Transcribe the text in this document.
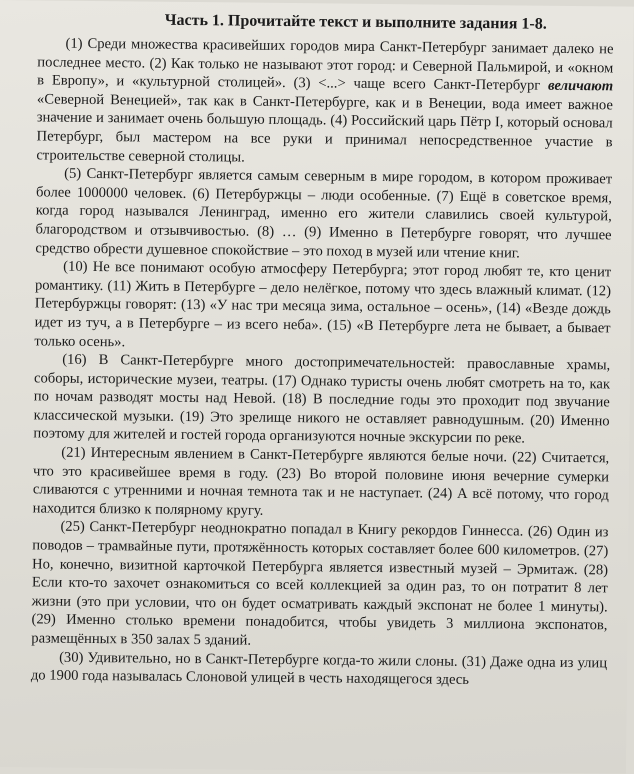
Часть 1. Прочитайте текст и выполните задания 1-8.

(1) Среди множества красивейших городов мира Санкт-Петербург занимает далеко не последнее место. (2) Как только не называют этот город: и Северной Пальмирой, и «окном в Европу», и «культурной столицей». (3) <...> чаще всего Санкт-Петербург величают «Северной Венецией», так как в Санкт-Петербурге, как и в Венеции, вода имеет важное значение и занимает очень большую площадь. (4) Российский царь Пётр I, который основал Петербург, был мастером на все руки и принимал непосредственное участие в строительстве северной столицы.

(5) Санкт-Петербург является самым северным в мире городом, в котором проживает более 1000000 человек. (6) Петербуржцы – люди особенные. (7) Ещё в советское время, когда город назывался Ленинград, именно его жители славились своей культурой, благородством и отзывчивостью. (8) … (9) Именно в Петербурге говорят, что лучшее средство обрести душевное спокойствие – это поход в музей или чтение книг.

(10) Не все понимают особую атмосферу Петербурга; этот город любят те, кто ценит романтику. (11) Жить в Петербурге – дело нелёгкое, потому что здесь влажный климат. (12) Петербуржцы говорят: (13) «У нас три месяца зима, остальное – осень», (14) «Везде дождь идет из туч, а в Петербурге – из всего неба». (15) «В Петербурге лета не бывает, а бывает только осень».

(16) В Санкт-Петербурге много достопримечательностей: православные храмы, соборы, исторические музеи, театры. (17) Однако туристы очень любят смотреть на то, как по ночам разводят мосты над Невой. (18) В последние годы это проходит под звучание классической музыки. (19) Это зрелище никого не оставляет равнодушным. (20) Именно поэтому для жителей и гостей города организуются ночные экскурсии по реке.

(21) Интересным явлением в Санкт-Петербурге являются белые ночи. (22) Считается, что это красивейшее время в году. (23) Во второй половине июня вечерние сумерки сливаются с утренними и ночная темнота так и не наступает. (24) А всё потому, что город находится близко к полярному кругу.

(25) Санкт-Петербург неоднократно попадал в Книгу рекордов Гиннесса. (26) Один из поводов – трамвайные пути, протяжённость которых составляет более 600 километров. (27) Но, конечно, визитной карточкой Петербурга является известный музей – Эрмитаж. (28) Если кто-то захочет ознакомиться со всей коллекцией за один раз, то он потратит 8 лет жизни (это при условии, что он будет осматривать каждый экспонат не более 1 минуты). (29) Именно столько времени понадобится, чтобы увидеть 3 миллиона экспонатов, размещённых в 350 залах 5 зданий.

(30) Удивительно, но в Санкт-Петербурге когда-то жили слоны. (31) Даже одна из улиц до 1900 года называлась Слоновой улицей в честь находящегося здесь
